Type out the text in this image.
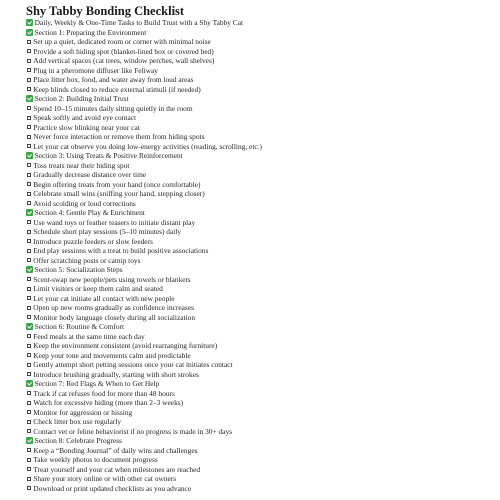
Shy Tabby Bonding Checklist
Daily, Weekly & One-Time Tasks to Build Trust with a Shy Tabby Cat
Section 1: Preparing the Environment
Set up a quiet, dedicated room or corner with minimal noise
Provide a soft hiding spot (blanket-lined box or covered bed)
Add vertical spaces (cat trees, window perches, wall shelves)
Plug in a pheromone diffuser like Feliway
Place litter box, food, and water away from loud areas
Keep blinds closed to reduce external stimuli (if needed)
Section 2: Building Initial Trust
Spend 10–15 minutes daily sitting quietly in the room
Speak softly and avoid eye contact
Practice slow blinking near your cat
Never force interaction or remove them from hiding spots
Let your cat observe you doing low-energy activities (reading, scrolling, etc.)
Section 3: Using Treats & Positive Reinforcement
Toss treats near their hiding spot
Gradually decrease distance over time
Begin offering treats from your hand (once comfortable)
Celebrate small wins (sniffing your hand, stepping closer)
Avoid scolding or loud corrections
Section 4: Gentle Play & Enrichment
Use wand toys or feather teasers to initiate distant play
Schedule short play sessions (5–10 minutes) daily
Introduce puzzle feeders or slow feeders
End play sessions with a treat to build positive associations
Offer scratching posts or catnip toys
Section 5: Socialization Steps
Scent-swap new people/pets using towels or blankets
Limit visitors or keep them calm and seated
Let your cat initiate all contact with new people
Open up new rooms gradually as confidence increases
Monitor body language closely during all socialization
Section 6: Routine & Comfort
Feed meals at the same time each day
Keep the environment consistent (avoid rearranging furniture)
Keep your tone and movements calm and predictable
Gently attempt short petting sessions once your cat initiates contact
Introduce brushing gradually, starting with short strokes
Section 7: Red Flags & When to Get Help
Track if cat refuses food for more than 48 hours
Watch for excessive hiding (more than 2–3 weeks)
Monitor for aggression or hissing
Check litter box use regularly
Contact vet or feline behaviorist if no progress is made in 30+ days
Section 8: Celebrate Progress
Keep a “Bonding Journal” of daily wins and challenges
Take weekly photos to document progress
Treat yourself and your cat when milestones are reached
Share your story online or with other cat owners
Download or print updated checklists as you advance
